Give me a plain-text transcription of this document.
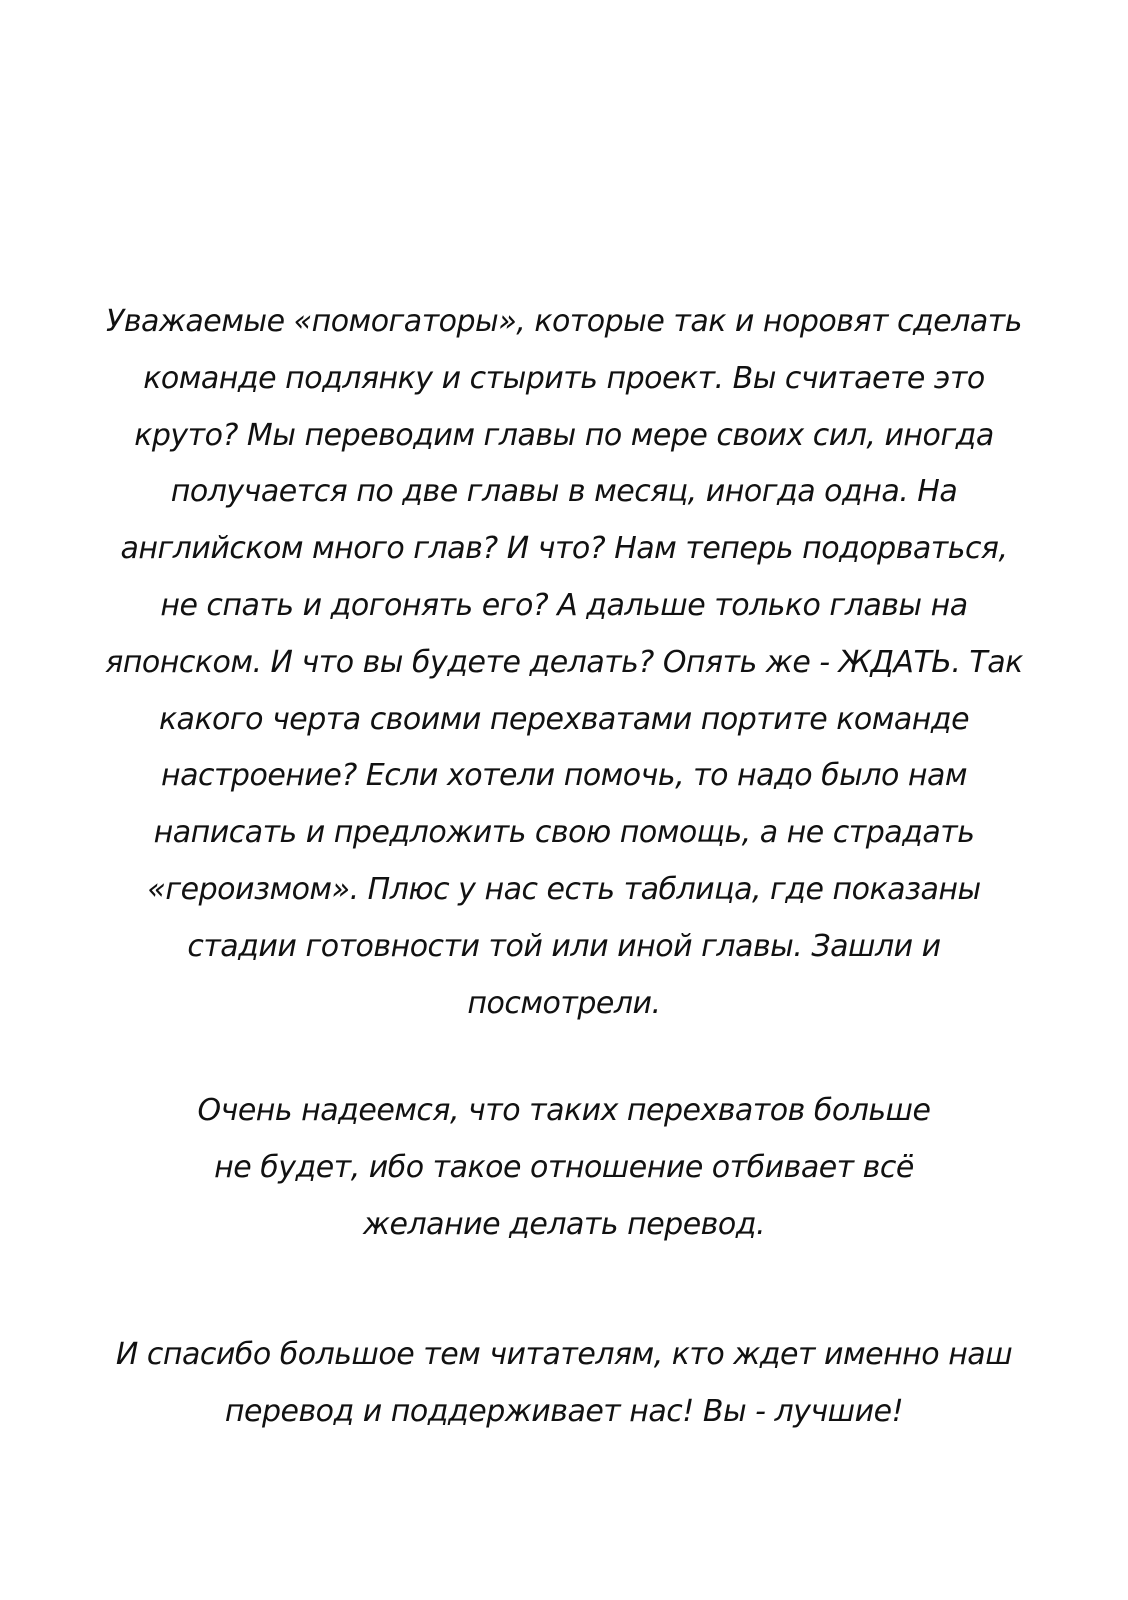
Уважаемые «помогаторы», которые так и норовят сделать
команде подлянку и стырить проект. Вы считаете это
круто? Мы переводим главы по мере своих сил, иногда
получается по две главы в месяц, иногда одна. На
английском много глав? И что? Нам теперь подорваться,
не спать и догонять его? А дальше только главы на
японском. И что вы будете делать? Опять же - ЖДАТЬ. Так
какого черта своими перехватами портите команде
настроение? Если хотели помочь, то надо было нам
написать и предложить свою помощь, а не страдать
«героизмом». Плюс у нас есть таблица, где показаны
стадии готовности той или иной главы. Зашли и
посмотрели.
Очень надеемся, что таких перехватов больше
не будет, ибо такое отношение отбивает всё
желание делать перевод.
И спасибо большое тем читателям, кто ждет именно наш
перевод и поддерживает нас! Вы - лучшие!
